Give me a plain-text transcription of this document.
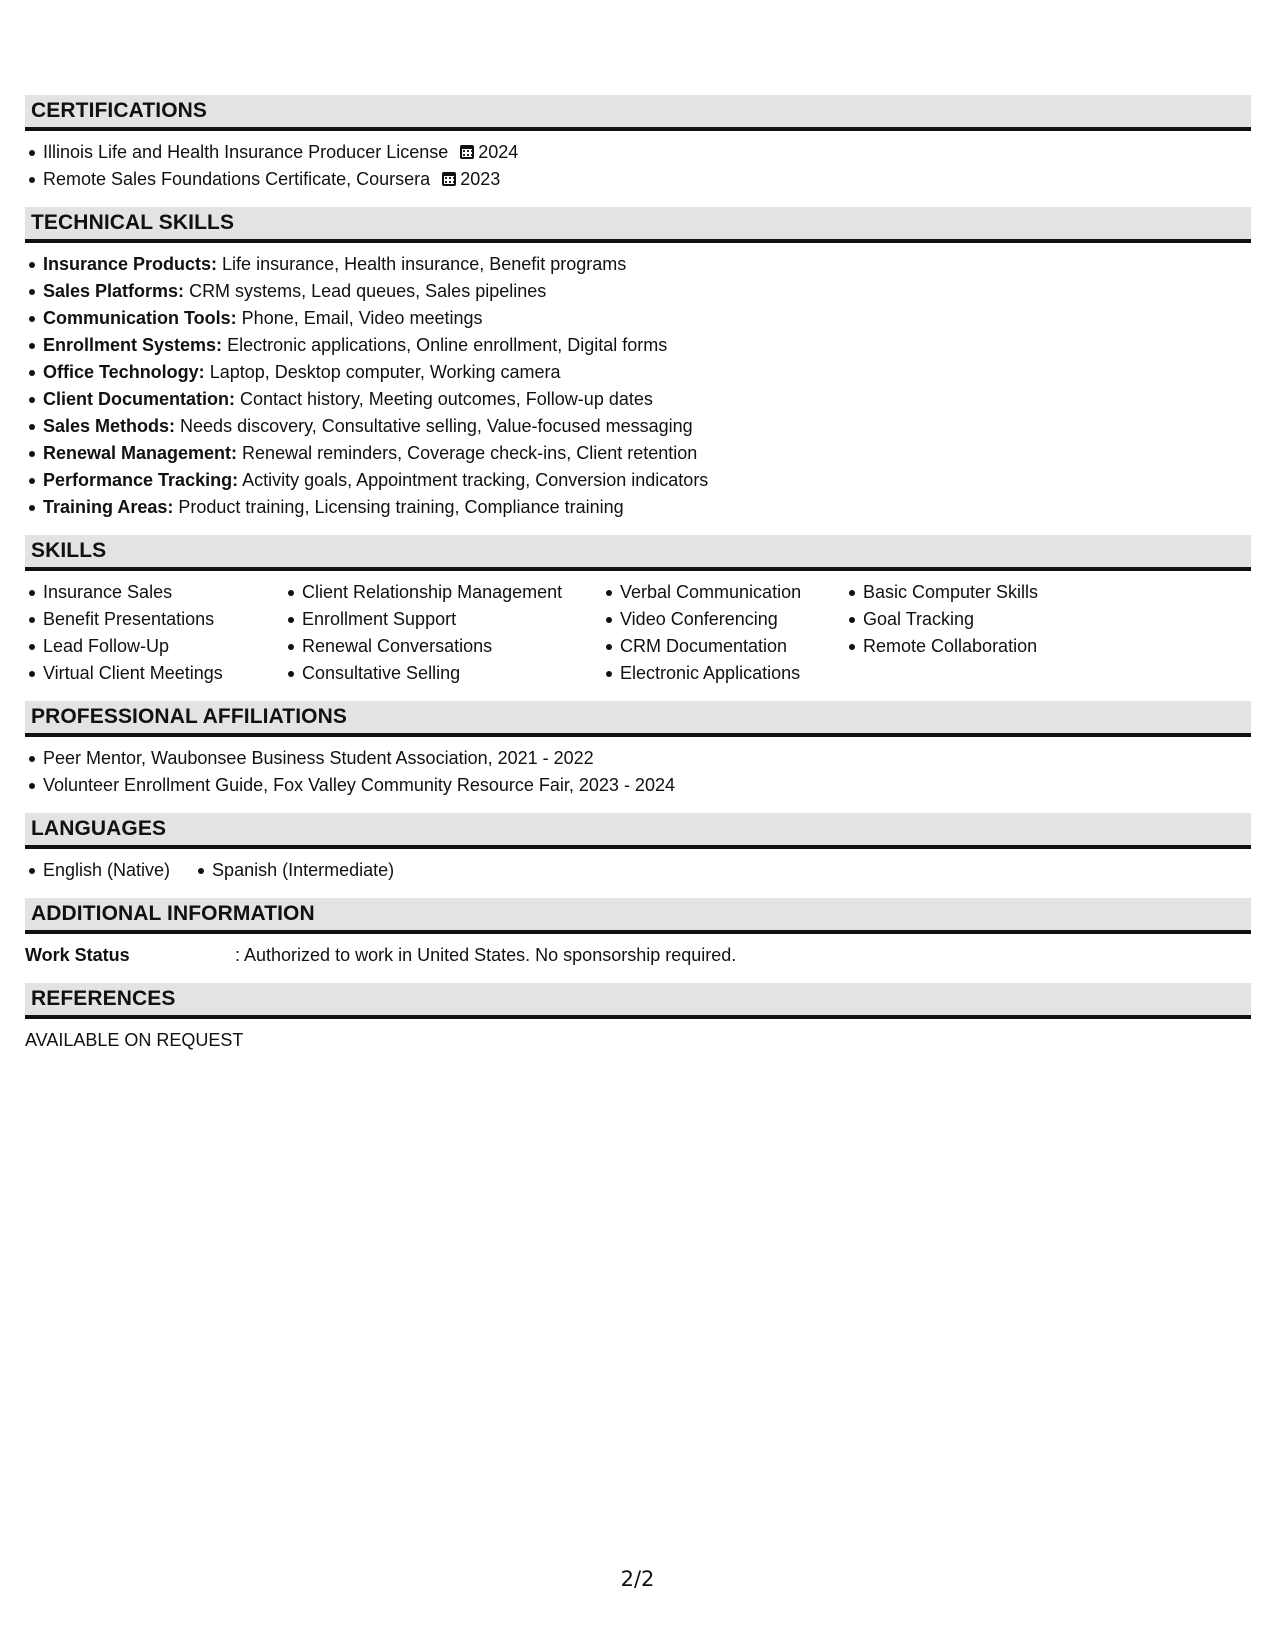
CERTIFICATIONS
Illinois Life and Health Insurance Producer License 2024
Remote Sales Foundations Certificate, Coursera 2023
TECHNICAL SKILLS
Insurance Products: Life insurance, Health insurance, Benefit programs
Sales Platforms: CRM systems, Lead queues, Sales pipelines
Communication Tools: Phone, Email, Video meetings
Enrollment Systems: Electronic applications, Online enrollment, Digital forms
Office Technology: Laptop, Desktop computer, Working camera
Client Documentation: Contact history, Meeting outcomes, Follow-up dates
Sales Methods: Needs discovery, Consultative selling, Value-focused messaging
Renewal Management: Renewal reminders, Coverage check-ins, Client retention
Performance Tracking: Activity goals, Appointment tracking, Conversion indicators
Training Areas: Product training, Licensing training, Compliance training
SKILLS
Insurance Sales
Benefit Presentations
Lead Follow-Up
Virtual Client Meetings
Client Relationship Management
Enrollment Support
Renewal Conversations
Consultative Selling
Verbal Communication
Video Conferencing
CRM Documentation
Electronic Applications
Basic Computer Skills
Goal Tracking
Remote Collaboration
PROFESSIONAL AFFILIATIONS
Peer Mentor, Waubonsee Business Student Association, 2021 - 2022
Volunteer Enrollment Guide, Fox Valley Community Resource Fair, 2023 - 2024
LANGUAGES
English (Native) Spanish (Intermediate)
ADDITIONAL INFORMATION
Work Status	: Authorized to work in United States. No sponsorship required.
REFERENCES
AVAILABLE ON REQUEST
2/2
